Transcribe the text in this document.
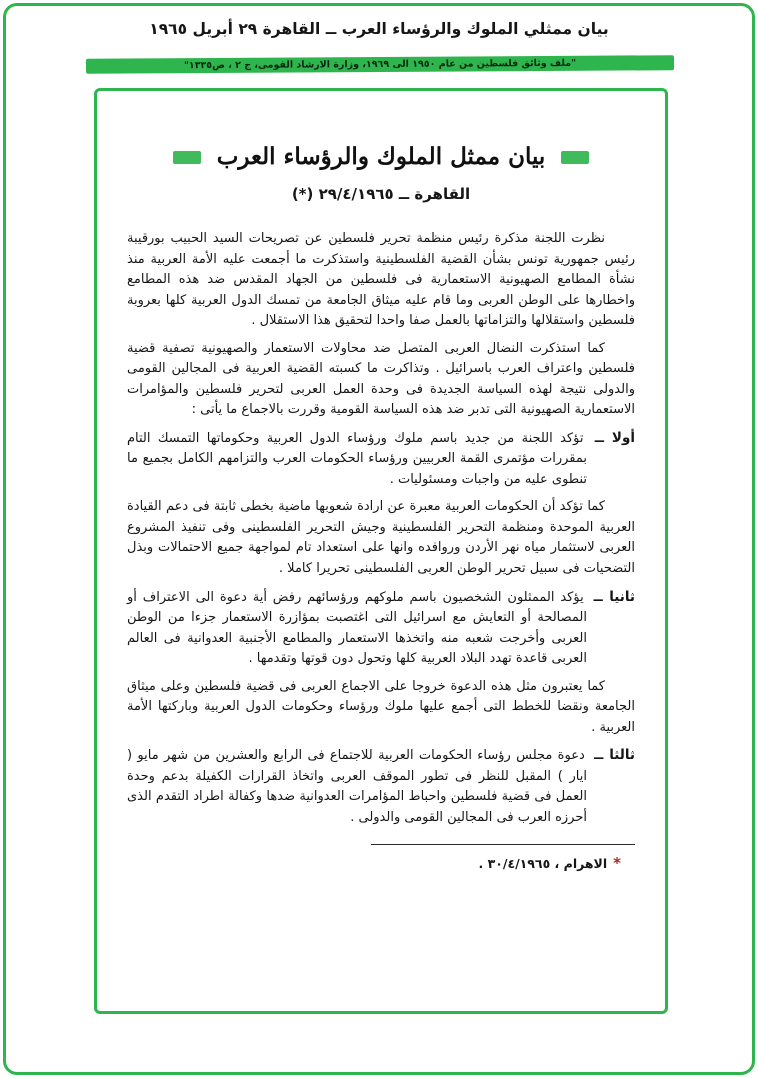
بيان ممثلي الملوك والرؤساء العرب ــ القاهرة ٢٩ أبريل ١٩٦٥
"ملف وثائق فلسطين من عام ١٩٥٠ الى ١٩٦٩، وزارة الارشاد القومى، ج ٢ ، ص١٣٣٥"
بيان ممثل الملوك والرؤساء العرب
القاهرة ــ ٢٩/٤/١٩٦٥ (*)

نظرت اللجنة مذكرة رئيس منظمة تحرير فلسطين عن تصريحات السيد الحبيب بورقيبة رئيس جمهورية تونس بشأن القضية الفلسطينية واستذكرت ما أجمعت عليه الأمة العربية منذ نشأة المطامع الصهيونية الاستعمارية فى فلسطين من الجهاد المقدس ضد هذه المطامع واخطارها على الوطن العربى وما قام عليه ميثاق الجامعة من تمسك الدول العربية كلها بعروبة فلسطين واستقلالها والتزاماتها بالعمل صفا واحدا لتحقيق هذا الاستقلال .

كما استذكرت النضال العربى المتصل ضد محاولات الاستعمار والصهيونية تصفية قضية فلسطين واعتراف العرب باسرائيل . وتذاكرت ما كسبته القضية العربية فى المجالين القومى والدولى نتيجة لهذه السياسة الجديدة فى وحدة العمل العربى لتحرير فلسطين والمؤامرات الاستعمارية الصهيونية التى تدبر ضد هذه السياسة القومية وقررت بالاجماع ما يأتى :

أولا ــ تؤكد اللجنة من جديد باسم ملوك ورؤساء الدول العربية وحكوماتها التمسك التام بمقررات مؤتمرى القمة العربيين ورؤساء الحكومات العرب والتزامهم الكامل بجميع ما تنطوى عليه من واجبات ومسئوليات .

كما تؤكد أن الحكومات العربية معبرة عن ارادة شعوبها ماضية بخطى ثابتة فى دعم القيادة العربية الموحدة ومنظمة التحرير الفلسطينية وجيش التحرير الفلسطينى وفى تنفيذ المشروع العربى لاستثمار مياه نهر الأردن وروافده وانها على استعداد تام لمواجهة جميع الاحتمالات وبذل التضحيات فى سبيل تحرير الوطن العربى الفلسطينى تحريرا كاملا .

ثانيا ــ يؤكد الممثلون الشخصيون باسم ملوكهم ورؤسائهم رفض أية دعوة الى الاعتراف أو المصالحة أو التعايش مع اسرائيل التى اغتصبت بمؤازرة الاستعمار جزءا من الوطن العربى وأخرجت شعبه منه واتخذها الاستعمار والمطامع الأجنبية العدوانية فى العالم العربى قاعدة تهدد البلاد العربية كلها وتحول دون قوتها وتقدمها .

كما يعتبرون مثل هذه الدعوة خروجا على الاجماع العربى فى قضية فلسطين وعلى ميثاق الجامعة ونقضا للخطط التى أجمع عليها ملوك ورؤساء وحكومات الدول العربية وباركتها الأمة العربية .

ثالثا ــ دعوة مجلس رؤساء الحكومات العربية للاجتماع فى الرابع والعشرين من شهر مايو ( ايار ) المقبل للنظر فى تطور الموقف العربى واتخاذ القرارات الكفيلة بدعم وحدة العمل فى قضية فلسطين واحباط المؤامرات العدوانية ضدها وكفالة اطراد التقدم الذى أحرزه العرب فى المجالين القومى والدولى .

*الاهرام ، ٣٠/٤/١٩٦٥ .
